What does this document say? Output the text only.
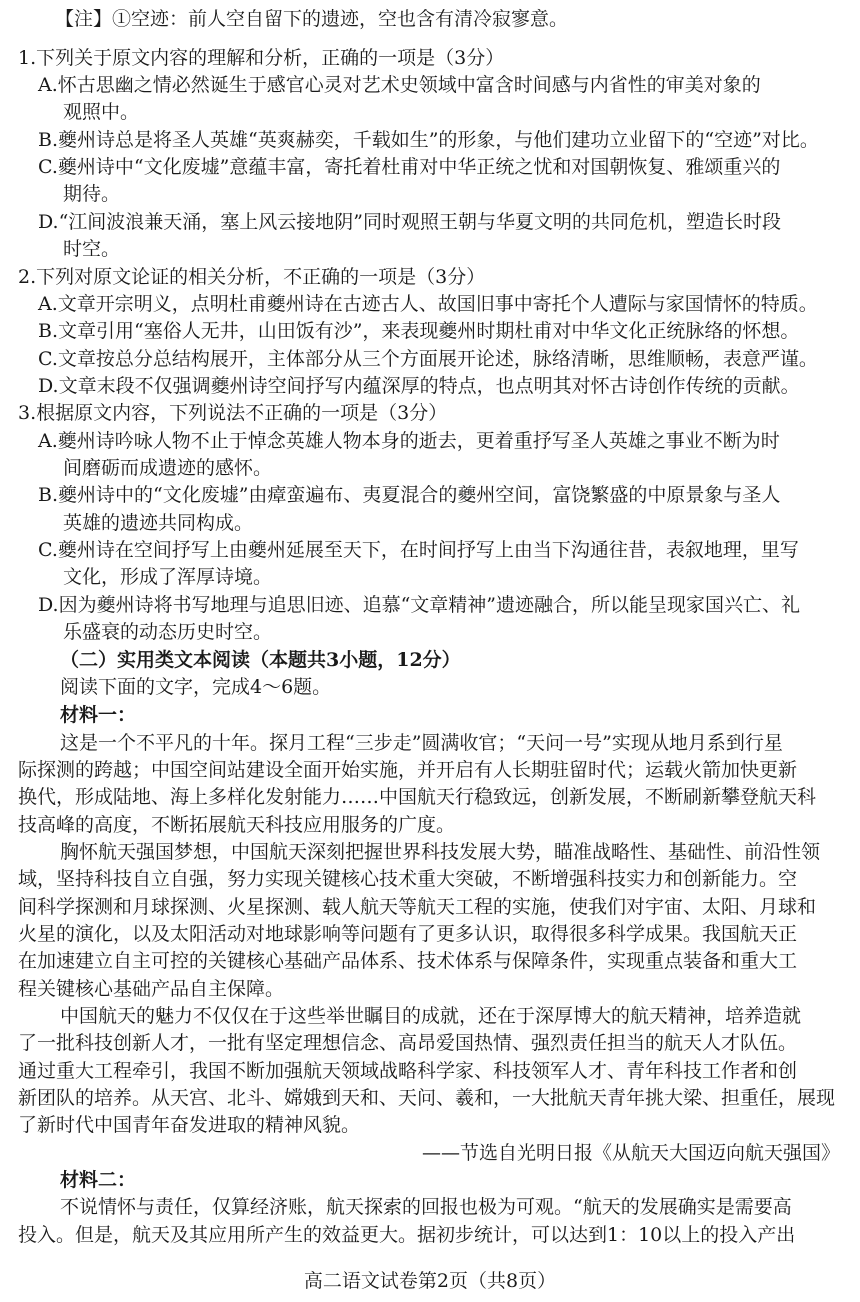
【注】①空迹：前人空自留下的遗迹，空也含有清冷寂寥意。
1.下列关于原文内容的理解和分析，正确的一项是（3分）
A.怀古思幽之情必然诞生于感官心灵对艺术史领域中富含时间感与内省性的审美对象的
观照中。
B.夔州诗总是将圣人英雄“英爽赫奕，千载如生”的形象，与他们建功立业留下的“空迹”对比。
C.夔州诗中“文化废墟”意蕴丰富，寄托着杜甫对中华正统之忧和对国朝恢复、雅颂重兴的
期待。
D.“江间波浪兼天涌，塞上风云接地阴”同时观照王朝与华夏文明的共同危机，塑造长时段
时空。
2.下列对原文论证的相关分析，不正确的一项是（3分）
A.文章开宗明义，点明杜甫夔州诗在古迹古人、故国旧事中寄托个人遭际与家国情怀的特质。
B.文章引用“塞俗人无井，山田饭有沙”，来表现夔州时期杜甫对中华文化正统脉络的怀想。
C.文章按总分总结构展开，主体部分从三个方面展开论述，脉络清晰，思维顺畅，表意严谨。
D.文章末段不仅强调夔州诗空间抒写内蕴深厚的特点，也点明其对怀古诗创作传统的贡献。
3.根据原文内容，下列说法不正确的一项是（3分）
A.夔州诗吟咏人物不止于悼念英雄人物本身的逝去，更着重抒写圣人英雄之事业不断为时
间磨砺而成遗迹的感怀。
B.夔州诗中的“文化废墟”由瘴蛮遍布、夷夏混合的夔州空间，富饶繁盛的中原景象与圣人
英雄的遗迹共同构成。
C.夔州诗在空间抒写上由夔州延展至天下，在时间抒写上由当下沟通往昔，表叙地理，里写
文化，形成了浑厚诗境。
D.因为夔州诗将书写地理与追思旧迹、追慕“文章精神”遗迹融合，所以能呈现家国兴亡、礼
乐盛衰的动态历史时空。
（二）实用类文本阅读（本题共3小题，12分）
阅读下面的文字，完成4～6题。
材料一：
这是一个不平凡的十年。探月工程“三步走”圆满收官；“天问一号”实现从地月系到行星
际探测的跨越；中国空间站建设全面开始实施，并开启有人长期驻留时代；运载火箭加快更新
换代，形成陆地、海上多样化发射能力……中国航天行稳致远，创新发展，不断刷新攀登航天科
技高峰的高度，不断拓展航天科技应用服务的广度。
胸怀航天强国梦想，中国航天深刻把握世界科技发展大势，瞄准战略性、基础性、前沿性领
域，坚持科技自立自强，努力实现关键核心技术重大突破，不断增强科技实力和创新能力。空
间科学探测和月球探测、火星探测、载人航天等航天工程的实施，使我们对宇宙、太阳、月球和
火星的演化，以及太阳活动对地球影响等问题有了更多认识，取得很多科学成果。我国航天正
在加速建立自主可控的关键核心基础产品体系、技术体系与保障条件，实现重点装备和重大工
程关键核心基础产品自主保障。
中国航天的魅力不仅仅在于这些举世瞩目的成就，还在于深厚博大的航天精神，培养造就
了一批科技创新人才，一批有坚定理想信念、高昂爱国热情、强烈责任担当的航天人才队伍。
通过重大工程牵引，我国不断加强航天领域战略科学家、科技领军人才、青年科技工作者和创
新团队的培养。从天宫、北斗、嫦娥到天和、天问、羲和，一大批航天青年挑大梁、担重任，展现
了新时代中国青年奋发进取的精神风貌。
——节选自光明日报《从航天大国迈向航天强国》
材料二：
不说情怀与责任，仅算经济账，航天探索的回报也极为可观。“航天的发展确实是需要高
投入。但是，航天及其应用所产生的效益更大。据初步统计，可以达到1：10以上的投入产出
高二语文试卷第2页（共8页）
